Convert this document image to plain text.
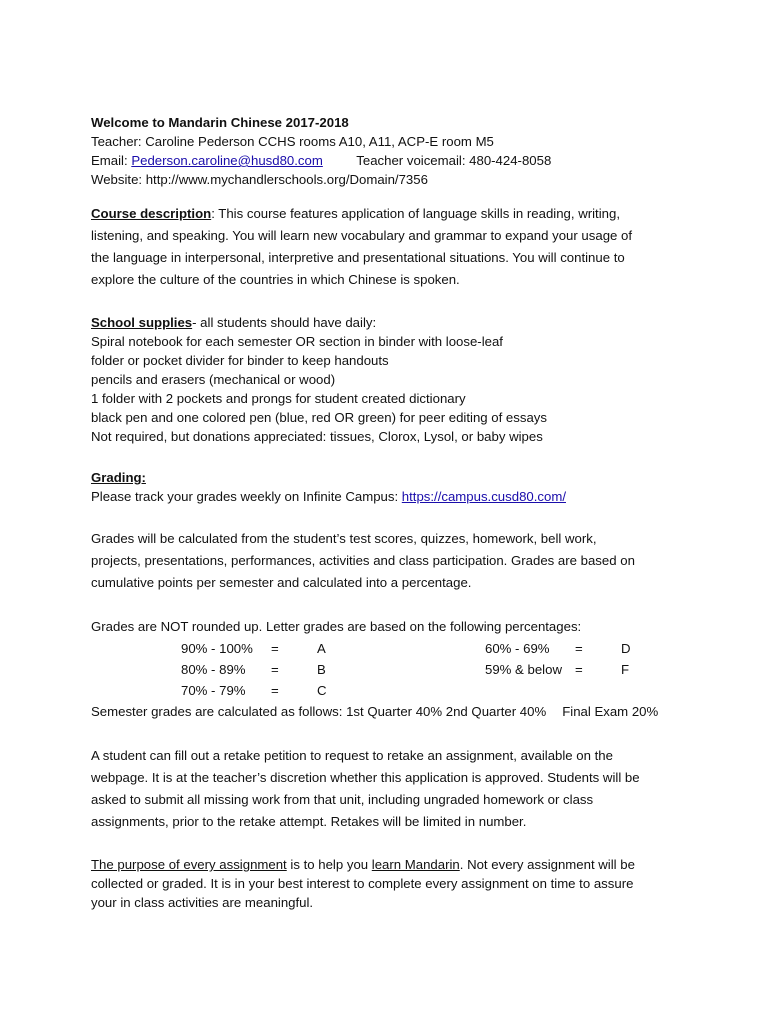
Welcome to Mandarin Chinese 2017-2018
Teacher: Caroline Pederson CCHS rooms A10, A11, ACP-E room M5
Email: Pederson.caroline@husd80.com	Teacher voicemail: 480-424-8058
Website: http://www.mychandlerschools.org/Domain/7356
Course description: This course features application of language skills in reading, writing,
listening, and speaking. You will learn new vocabulary and grammar to expand your usage of
the language in interpersonal, interpretive and presentational situations. You will continue to
explore the culture of the countries in which Chinese is spoken.
School supplies- all students should have daily:
Spiral notebook for each semester OR section in binder with loose-leaf
folder or pocket divider for binder to keep handouts
pencils and erasers (mechanical or wood)
1 folder with 2 pockets and prongs for student created dictionary
black pen and one colored pen (blue, red OR green) for peer editing of essays
Not required, but donations appreciated: tissues, Clorox, Lysol, or baby wipes
Grading:
Please track your grades weekly on Infinite Campus: https://campus.cusd80.com/
Grades will be calculated from the student’s test scores, quizzes, homework, bell work,
projects, presentations, performances, activities and class participation. Grades are based on
cumulative points per semester and calculated into a percentage.
Grades are NOT rounded up. Letter grades are based on the following percentages:
90% - 100% =	A	60% - 69% =	D
80% - 89% =	B	59% & below =	F
70% - 79% =	C
Semester grades are calculated as follows: 1st Quarter 40% 2nd Quarter 40% Final Exam 20%
A student can fill out a retake petition to request to retake an assignment, available on the
webpage. It is at the teacher’s discretion whether this application is approved. Students will be
asked to submit all missing work from that unit, including ungraded homework or class
assignments, prior to the retake attempt. Retakes will be limited in number.
The purpose of every assignment is to help you learn Mandarin. Not every assignment will be
collected or graded. It is in your best interest to complete every assignment on time to assure
your in class activities are meaningful.
